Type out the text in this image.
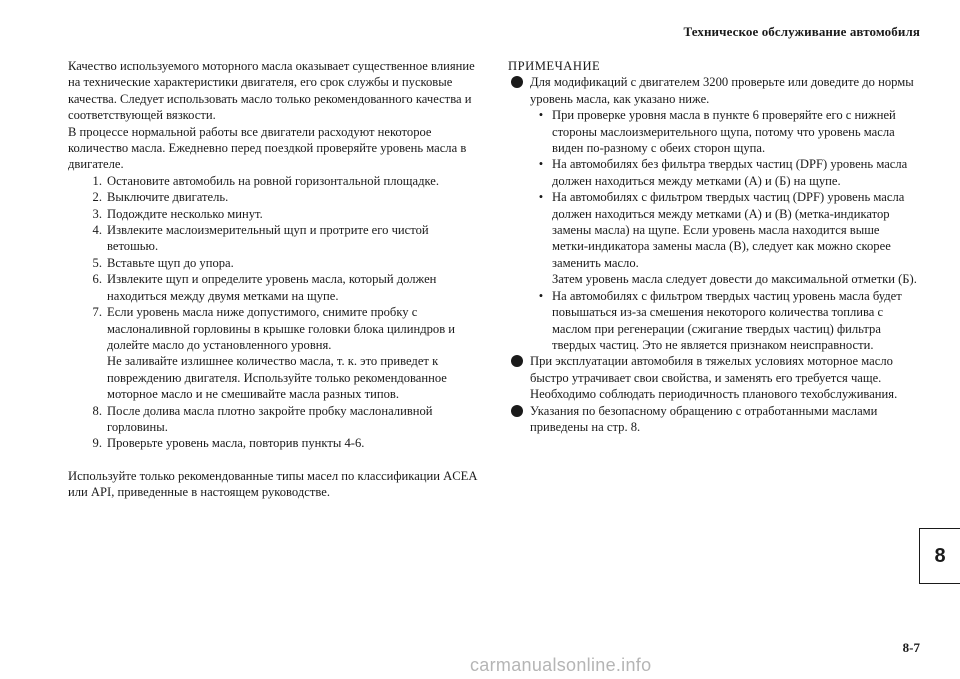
Техническое обслуживание автомобиля

Качество используемого моторного масла оказывает существенное влияние на технические характеристики двигателя, его срок службы и пусковые качества. Следует использовать масло только рекомендованного качества и соответствующей вязкости.

В процессе нормальной работы все двигатели расходуют некоторое количество масла. Ежедневно перед поездкой проверяйте уровень масла в двигателе.

1. Остановите автомобиль на ровной горизонтальной площадке.
2. Выключите двигатель.
3. Подождите несколько минут.
4. Извлеките маслоизмерительный щуп и протрите его чистой ветошью.
5. Вставьте щуп до упора.
6. Извлеките щуп и определите уровень масла, который должен находиться между двумя метками на щупе.
7. Если уровень масла ниже допустимого, снимите пробку с маслоналивной горловины в крышке головки блока цилиндров и долейте масло до установленного уровня.
Не заливайте излишнее количество масла, т. к. это приведет к повреждению двигателя. Используйте только рекомендованное моторное масло и не смешивайте масла разных типов.
8. После долива масла плотно закройте пробку маслоналивной горловины.
9. Проверьте уровень масла, повторив пункты 4-6.

Используйте только рекомендованные типы масел по классификации ACEA или API, приведенные в настоящем руководстве.

ПРИМЕЧАНИЕ

Для модификаций с двигателем 3200 проверьте или доведите до нормы уровень масла, как указано ниже.

• При проверке уровня масла в пункте 6 проверяйте его с нижней стороны маслоизмерительного щупа, потому что уровень масла виден по-разному с обеих сторон щупа.
• На автомобилях без фильтра твердых частиц (DPF) уровень масла должен находиться между метками (А) и (Б) на щупе.
• На автомобилях с фильтром твердых частиц (DPF) уровень масла должен находиться между метками (А) и (В) (метка-индикатор замены масла) на щупе. Если уровень масла находится выше метки-индикатора замены масла (В), следует как можно скорее заменить масло.
Затем уровень масла следует довести до максимальной отметки (Б).
• На автомобилях с фильтром твердых частиц уровень масла будет повышаться из-за смешения некоторого количества топлива с маслом при регенерации (сжигание твердых частиц) фильтра твердых частиц. Это не является признаком неисправности.
При эксплуатации автомобиля в тяжелых условиях моторное масло быстро утрачивает свои свойства, и заменять его требуется чаще. Необходимо соблюдать периодичность планового техобслуживания.
Указания по безопасному обращению с отработанными маслами приведены на стр. 8.
8
8-7
carmanualsonline.info
